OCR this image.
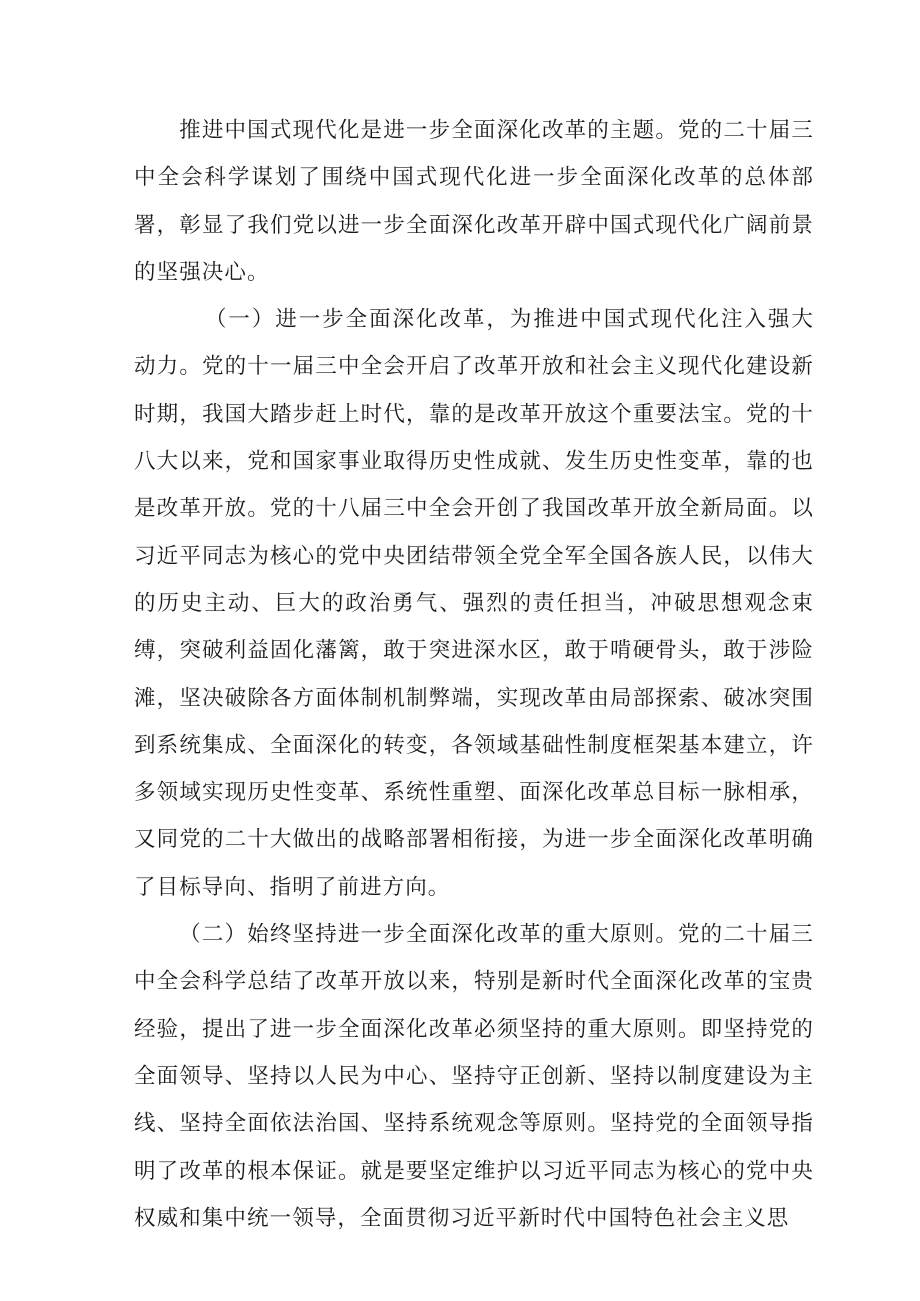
推进中国式现代化是进一步全面深化改革的主题。党的二十届三中全会科学谋划了围绕中国式现代化进一步全面深化改革的总体部署，彰显了我们党以进一步全面深化改革开辟中国式现代化广阔前景的坚强决心。

（一）进一步全面深化改革，为推进中国式现代化注入强大动力。党的十一届三中全会开启了改革开放和社会主义现代化建设新时期，我国大踏步赶上时代，靠的是改革开放这个重要法宝。党的十八大以来，党和国家事业取得历史性成就、发生历史性变革，靠的也是改革开放。党的十八届三中全会开创了我国改革开放全新局面。以习近平同志为核心的党中央团结带领全党全军全国各族人民，以伟大的历史主动、巨大的政治勇气、强烈的责任担当，冲破思想观念束缚，突破利益固化藩篱，敢于突进深水区，敢于啃硬骨头，敢于涉险滩，坚决破除各方面体制机制弊端，实现改革由局部探索、破冰突围到系统集成、全面深化的转变，各领域基础性制度框架基本建立，许多领域实现历史性变革、系统性重塑、面深化改革总目标一脉相承，又同党的二十大做出的战略部署相衔接，为进一步全面深化改革明确了目标导向、指明了前进方向。

（二）始终坚持进一步全面深化改革的重大原则。党的二十届三中全会科学总结了改革开放以来，特别是新时代全面深化改革的宝贵经验，提出了进一步全面深化改革必须坚持的重大原则。即坚持党的全面领导、坚持以人民为中心、坚持守正创新、坚持以制度建设为主线、坚持全面依法治国、坚持系统观念等原则。坚持党的全面领导指明了改革的根本保证。就是要坚定维护以习近平同志为核心的党中央权威和集中统一领导，全面贯彻习近平新时代中国特色社会主义思
